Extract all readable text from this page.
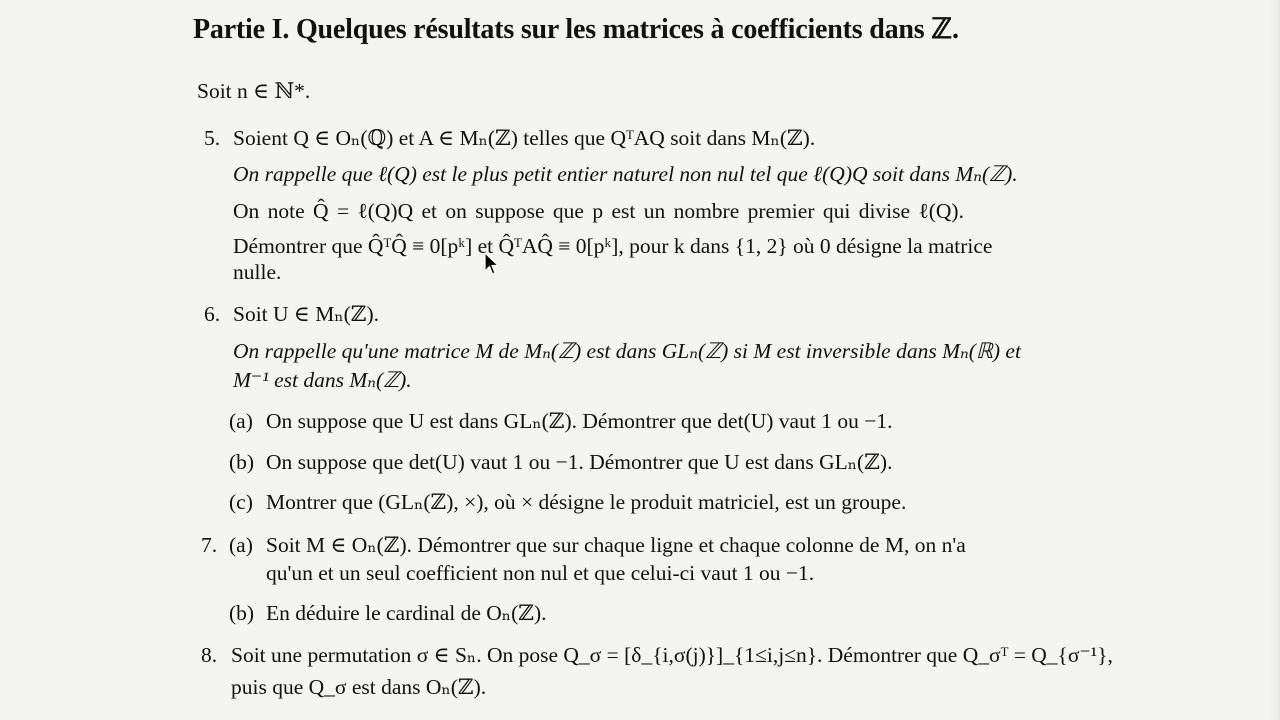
Partie I. Quelques résultats sur les matrices à coefficients dans ℤ.
Soit n ∈ ℕ*.
5. Soient Q ∈ Oₙ(ℚ) et A ∈ Mₙ(ℤ) telles que QᵀAQ soit dans Mₙ(ℤ).
On rappelle que ℓ(Q) est le plus petit entier naturel non nul tel que ℓ(Q)Q soit dans Mₙ(ℤ).
On note Q̂ = ℓ(Q)Q et on suppose que p est un nombre premier qui divise ℓ(Q).
Démontrer que Q̂ᵀQ̂ ≡ 0[pᵏ] et Q̂ᵀAQ̂ ≡ 0[pᵏ], pour k dans {1, 2} où 0 désigne la matrice
nulle.
6. Soit U ∈ Mₙ(ℤ).
On rappelle qu'une matrice M de Mₙ(ℤ) est dans GLₙ(ℤ) si M est inversible dans Mₙ(ℝ) et
M⁻¹ est dans Mₙ(ℤ).
(a) On suppose que U est dans GLₙ(ℤ). Démontrer que det(U) vaut 1 ou −1.
(b) On suppose que det(U) vaut 1 ou −1. Démontrer que U est dans GLₙ(ℤ).
(c) Montrer que (GLₙ(ℤ), ×), où × désigne le produit matriciel, est un groupe.
7. (a) Soit M ∈ Oₙ(ℤ). Démontrer que sur chaque ligne et chaque colonne de M, on n'a
qu'un et un seul coefficient non nul et que celui-ci vaut 1 ou −1.
(b) En déduire le cardinal de Oₙ(ℤ).
8. Soit une permutation σ ∈ Sₙ. On pose Q_σ = [δ_{i,σ(j)}]_{1≤i,j≤n}. Démontrer que Q_σᵀ = Q_{σ⁻¹},
puis que Q_σ est dans Oₙ(ℤ).
